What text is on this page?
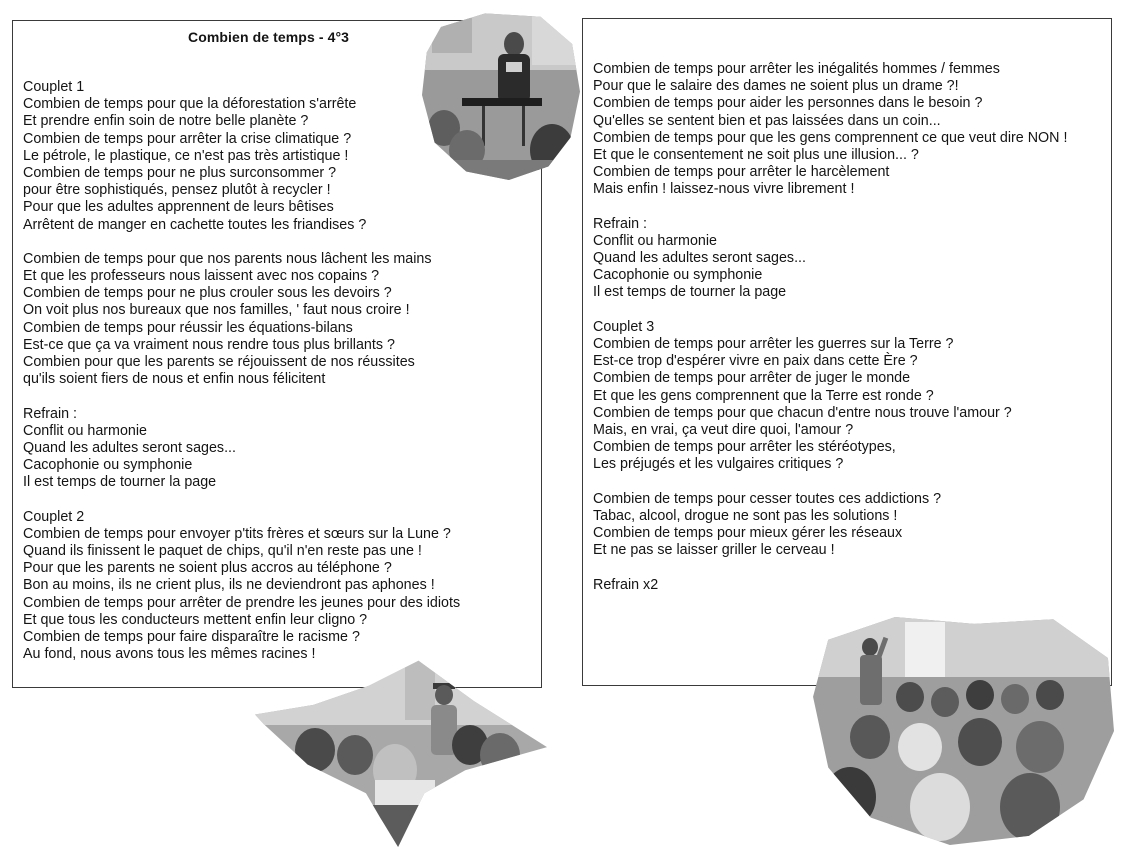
Combien de temps - 4°3
Couplet 1
Combien de temps pour que la déforestation s'arrête
Et prendre enfin soin de notre belle planète ?
Combien de temps pour arrêter la crise climatique ?
Le pétrole, le plastique, ce n'est pas très artistique !
Combien de temps pour ne plus surconsommer ?
pour être sophistiqués, pensez plutôt à recycler !
Pour que les adultes apprennent de leurs bêtises
Arrêtent de manger en cachette toutes les friandises ?
Combien de temps pour que nos parents nous lâchent les mains
Et que les professeurs nous laissent avec nos copains ?
Combien de temps pour ne plus crouler sous les devoirs ?
On voit plus nos bureaux que nos familles, ' faut nous croire !
Combien de temps pour réussir les équations-bilans
Est-ce que ça va vraiment nous rendre tous plus brillants ?
Combien pour que les parents se réjouissent de nos réussites
qu'ils soient fiers de nous et enfin nous félicitent
Refrain :
Conflit ou harmonie
Quand les adultes seront sages...
Cacophonie ou symphonie
Il est temps de tourner la page
Couplet 2
Combien de temps pour envoyer p'tits frères et sœurs sur la Lune ?
Quand ils finissent le paquet de chips, qu'il n'en reste pas une !
Pour que les parents ne soient plus accros au téléphone ?
Bon au moins, ils ne crient plus, ils ne deviendront pas aphones !
Combien de temps pour arrêter de prendre les jeunes pour des idiots
Et que tous les conducteurs mettent enfin leur cligno ?
Combien de temps pour faire disparaître le racisme ?
Au fond, nous avons tous les mêmes racines !
Combien de temps pour arrêter les inégalités hommes / femmes
Pour que le salaire des dames ne soient plus un drame ?!
Combien de temps pour aider les personnes dans le besoin ?
Qu'elles se sentent bien et pas laissées dans un coin...
Combien de temps pour que les gens comprennent ce que veut dire NON !
Et que le consentement ne soit plus une illusion... ?
Combien de temps pour arrêter le harcèlement
Mais enfin ! laissez-nous vivre librement !
Refrain :
Conflit ou harmonie
Quand les adultes seront sages...
Cacophonie ou symphonie
Il est temps de tourner la page
Couplet 3
Combien de temps pour arrêter les guerres sur la Terre ?
Est-ce trop d'espérer vivre en paix dans cette Ère ?
Combien de temps pour arrêter de juger le monde
Et que les gens comprennent que la Terre est ronde ?
Combien de temps pour que chacun d'entre nous trouve l'amour ?
Mais, en vrai, ça veut dire quoi, l'amour ?
Combien de temps pour arrêter les stéréotypes,
Les préjugés et les vulgaires critiques ?
Combien de temps pour cesser toutes ces addictions ?
Tabac, alcool, drogue ne sont pas les solutions !
Combien de temps pour mieux gérer les réseaux
Et ne pas se laisser griller le cerveau !
Refrain x2
